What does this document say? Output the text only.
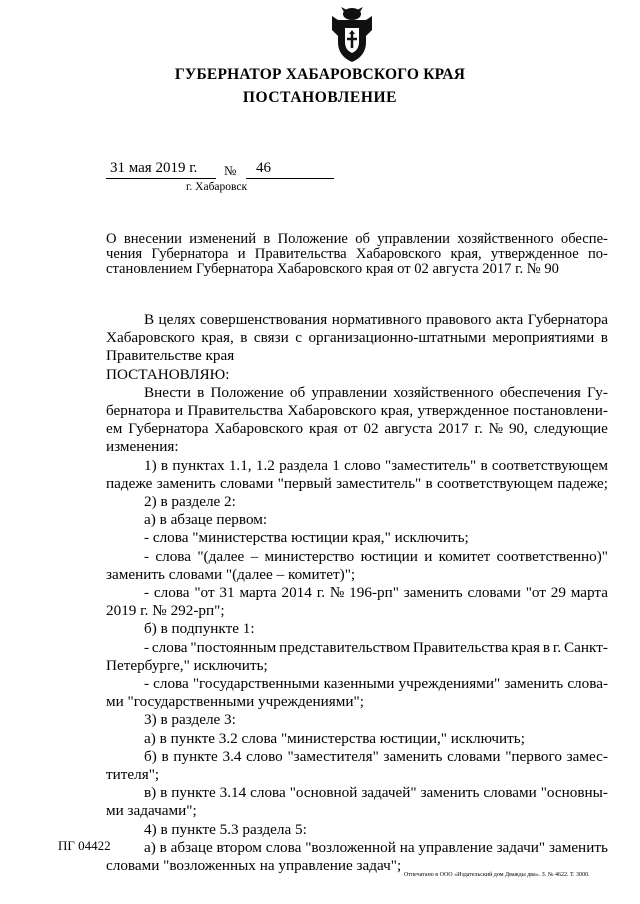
ГУБЕРНАТОР ХАБАРОВСКОГО КРАЯ
ПОСТАНОВЛЕНИЕ
31 мая 2019 г. № 46
г. Хабаровск
О внесении изменений в Положение об управлении хозяйственного обеспе-
чения Губернатора и Правительства Хабаровского края, утвержденное по-
становлением Губернатора Хабаровского края от 02 августа 2017 г. № 90
В целях совершенствования нормативного правового акта Губернатора
Хабаровского края, в связи с организационно-штатными мероприятиями в
Правительстве края
ПОСТАНОВЛЯЮ:
Внести в Положение об управлении хозяйственного обеспечения Гу-
бернатора и Правительства Хабаровского края, утвержденное постановлени-
ем Губернатора Хабаровского края от 02 августа 2017 г. № 90, следующие
изменения:
1) в пунктах 1.1, 1.2 раздела 1 слово "заместитель" в соответствующем
падеже заменить словами "первый заместитель" в соответствующем падеже;
2) в разделе 2:
а) в абзаце первом:
- слова "министерства юстиции края," исключить;
- слова "(далее – министерство юстиции и комитет соответственно)"
заменить словами "(далее – комитет)";
- слова "от 31 марта 2014 г. № 196-рп" заменить словами "от 29 марта
2019 г. № 292-рп";
б) в подпункте 1:
- слова "постоянным представительством Правительства края в г. Санкт-
Петербурге," исключить;
- слова "государственными казенными учреждениями" заменить слова-
ми "государственными учреждениями";
3) в разделе 3:
а) в пункте 3.2 слова "министерства юстиции," исключить;
б) в пункте 3.4 слово "заместителя" заменить словами "первого замес-
тителя";
в) в пункте 3.14 слова "основной задачей" заменить словами "основны-
ми задачами";
4) в пункте 5.3 раздела 5:
а) в абзаце втором слова "возложенной на управление задачи" заменить
словами "возложенных на управление задач";
ПГ 04422
Отпечатано в ООО «Издательский дом Дважды два». З. № 4622. Т. 3000.
